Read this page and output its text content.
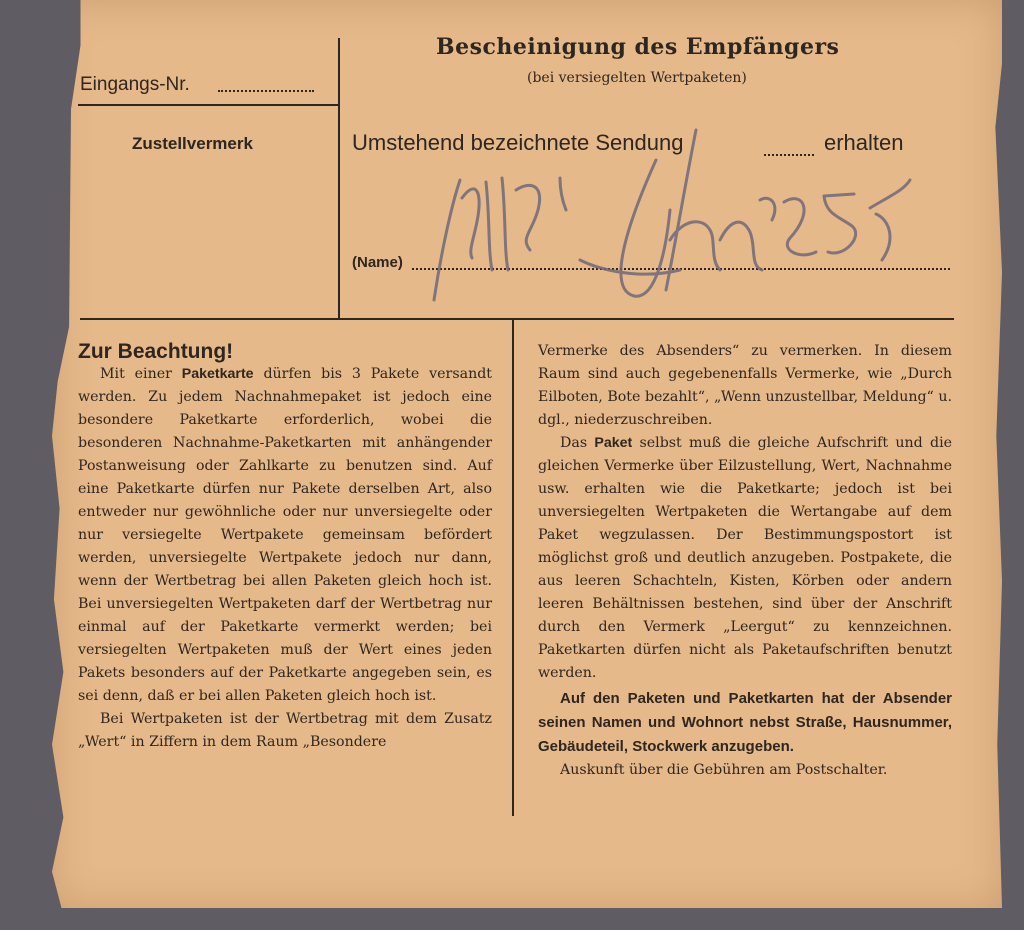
Eingangs-Nr.
Zustellvermerk
Bescheinigung des Empfängers
(bei versiegelten Wertpaketen)
Umstehend bezeichnete Sendung	erhalten
(Name)

Zur Beachtung!

Mit einer Paketkarte dürfen bis 3 Pakete versandt werden. Zu jedem Nachnahmepaket ist jedoch eine besondere Paketkarte erforderlich, wobei die besonderen Nachnahme-Paketkarten mit anhängender Postanweisung oder Zahlkarte zu benutzen sind. Auf eine Paketkarte dürfen nur Pakete derselben Art, also entweder nur gewöhnliche oder nur unversiegelte oder nur versiegelte Wertpakete gemeinsam befördert werden, unversiegelte Wertpakete jedoch nur dann, wenn der Wertbetrag bei allen Paketen gleich hoch ist. Bei unversiegelten Wertpaketen darf der Wertbetrag nur einmal auf der Paketkarte vermerkt werden; bei versiegelten Wertpaketen muß der Wert eines jeden Pakets besonders auf der Paketkarte angegeben sein, es sei denn, daß er bei allen Paketen gleich hoch ist.

Bei Wertpaketen ist der Wertbetrag mit dem Zusatz „Wert“ in Ziffern in dem Raum „Besondere

Vermerke des Absenders“ zu vermerken. In diesem Raum sind auch gegebenenfalls Vermerke, wie „Durch Eilboten, Bote bezahlt“, „Wenn unzustellbar, Meldung“ u. dgl., niederzuschreiben.

Das Paket selbst muß die gleiche Aufschrift und die gleichen Vermerke über Eilzustellung, Wert, Nachnahme usw. erhalten wie die Paketkarte; jedoch ist bei unversiegelten Wertpaketen die Wertangabe auf dem Paket wegzulassen. Der Bestimmungspostort ist möglichst groß und deutlich anzugeben. Postpakete, die aus leeren Schachteln, Kisten, Körben oder andern leeren Behältnissen bestehen, sind über der Anschrift durch den Vermerk „Leergut“ zu kennzeichnen. Paketkarten dürfen nicht als Paketaufschriften benutzt werden.

Auf den Paketen und Paketkarten hat der Absender seinen Namen und Wohnort nebst Straße, Hausnummer, Gebäudeteil, Stockwerk anzugeben.

Auskunft über die Gebühren am Postschalter.
